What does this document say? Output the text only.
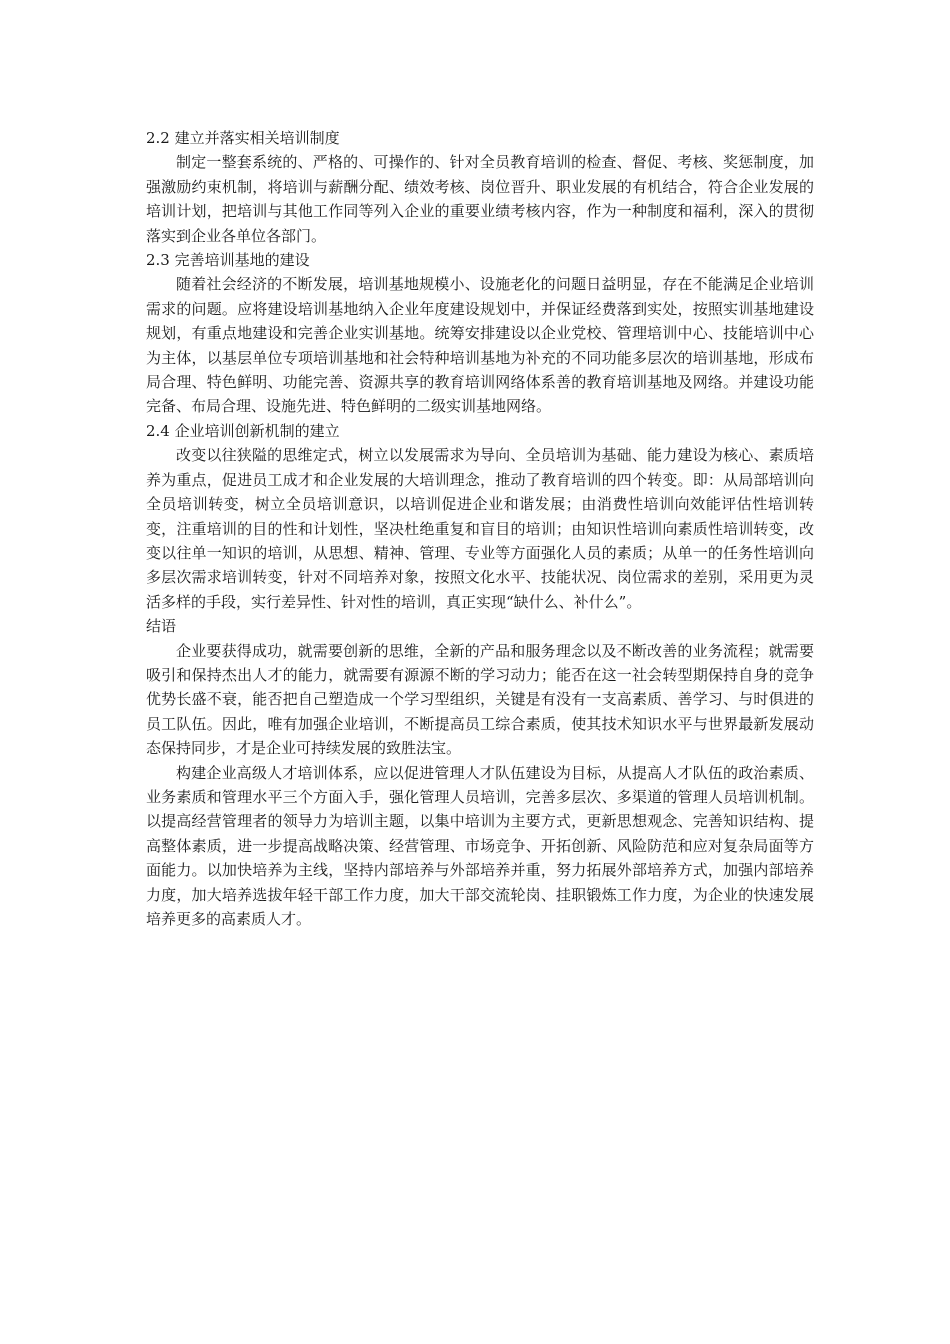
2.2 建立并落实相关培训制度

制定一整套系统的、严格的、可操作的、针对全员教育培训的检查、督促、考核、奖惩制度，加强激励约束机制，将培训与薪酬分配、绩效考核、岗位晋升、职业发展的有机结合，符合企业发展的培训计划，把培训与其他工作同等列入企业的重要业绩考核内容，作为一种制度和福利，深入的贯彻落实到企业各单位各部门。

2.3 完善培训基地的建设

随着社会经济的不断发展，培训基地规模小、设施老化的问题日益明显，存在不能满足企业培训需求的问题。应将建设培训基地纳入企业年度建设规划中，并保证经费落到实处，按照实训基地建设规划，有重点地建设和完善企业实训基地。统筹安排建设以企业党校、管理培训中心、技能培训中心为主体，以基层单位专项培训基地和社会特种培训基地为补充的不同功能多层次的培训基地，形成布局合理、特色鲜明、功能完善、资源共享的教育培训网络体系善的教育培训基地及网络。并建设功能完备、布局合理、设施先进、特色鲜明的二级实训基地网络。

2.4 企业培训创新机制的建立

改变以往狭隘的思维定式，树立以发展需求为导向、全员培训为基础、能力建设为核心、素质培养为重点，促进员工成才和企业发展的大培训理念，推动了教育培训的四个转变。即：从局部培训向全员培训转变，树立全员培训意识，以培训促进企业和谐发展；由消费性培训向效能评估性培训转变，注重培训的目的性和计划性，坚决杜绝重复和盲目的培训；由知识性培训向素质性培训转变，改变以往单一知识的培训，从思想、精神、管理、专业等方面强化人员的素质；从单一的任务性培训向多层次需求培训转变，针对不同培养对象，按照文化水平、技能状况、岗位需求的差别，采用更为灵活多样的手段，实行差异性、针对性的培训，真正实现“缺什么、补什么”。

结语

企业要获得成功，就需要创新的思维，全新的产品和服务理念以及不断改善的业务流程；就需要吸引和保持杰出人才的能力，就需要有源源不断的学习动力；能否在这一社会转型期保持自身的竞争优势长盛不衰，能否把自己塑造成一个学习型组织，关键是有没有一支高素质、善学习、与时俱进的员工队伍。因此，唯有加强企业培训，不断提高员工综合素质，使其技术知识水平与世界最新发展动态保持同步，才是企业可持续发展的致胜法宝。

构建企业高级人才培训体系，应以促进管理人才队伍建设为目标，从提高人才队伍的政治素质、业务素质和管理水平三个方面入手，强化管理人员培训，完善多层次、多渠道的管理人员培训机制。以提高经营管理者的领导力为培训主题，以集中培训为主要方式，更新思想观念、完善知识结构、提高整体素质，进一步提高战略决策、经营管理、市场竞争、开拓创新、风险防范和应对复杂局面等方面能力。以加快培养为主线，坚持内部培养与外部培养并重，努力拓展外部培养方式，加强内部培养力度，加大培养选拔年轻干部工作力度，加大干部交流轮岗、挂职锻炼工作力度，为企业的快速发展培养更多的高素质人才。
